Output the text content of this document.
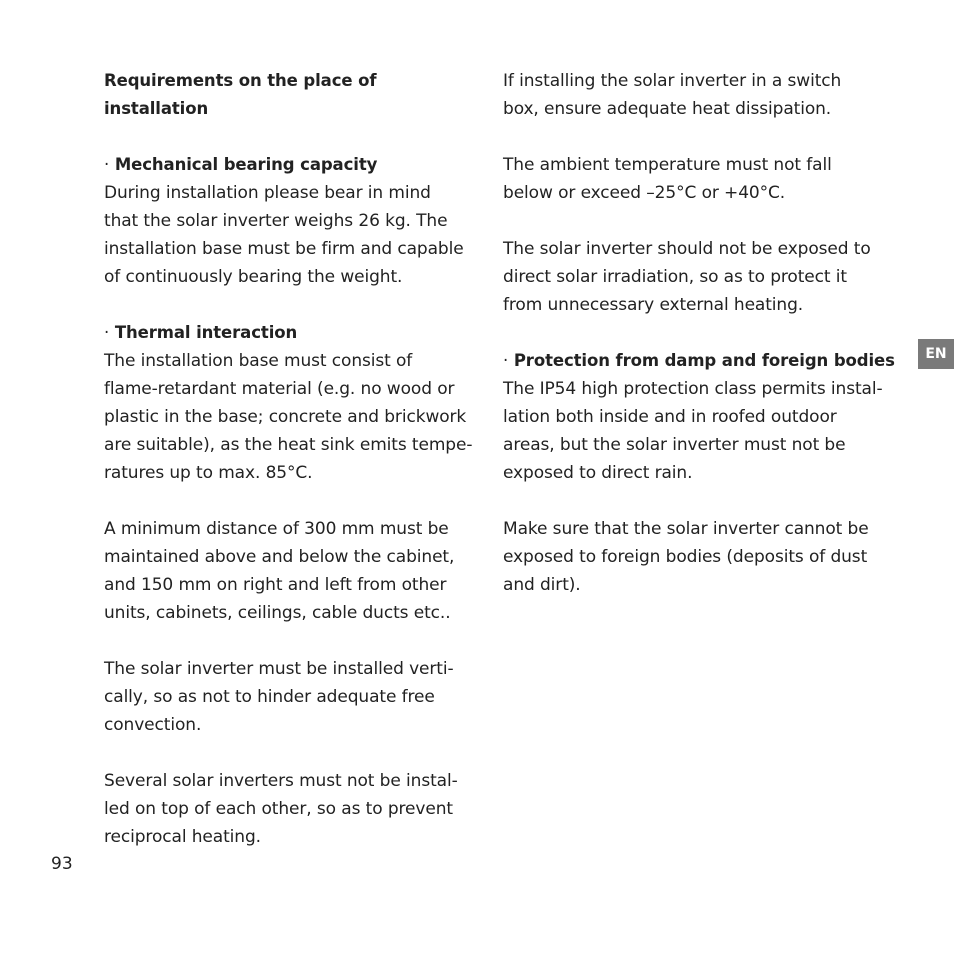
Requirements on the place of installation

· Mechanical bearing capacity

During installation please bear in mind
that the solar inverter weighs 26 kg. The
installation base must be firm and capable
of continuously bearing the weight.

· Thermal interaction

The installation base must consist of
flame-retardant material (e.g. no wood or
plastic in the base; concrete and brickwork
are suitable), as the heat sink emits tempe-
ratures up to max. 85°C.

A minimum distance of 300 mm must be
maintained above and below the cabinet,
and 150 mm on right and left from other
units, cabinets, ceilings, cable ducts etc..

The solar inverter must be installed verti-
cally, so as not to hinder adequate free
convection.

Several solar inverters must not be instal-
led on top of each other, so as to prevent
reciprocal heating.

If installing the solar inverter in a switch
box, ensure adequate heat dissipation.

The ambient temperature must not fall
below or exceed –25°C or +40°C.

The solar inverter should not be exposed to
direct solar irradiation, so as to protect it
from unnecessary external heating.

· Protection from damp and foreign bodies

The IP54 high protection class permits instal-
lation both inside and in roofed outdoor
areas, but the solar inverter must not be
exposed to direct rain.

Make sure that the solar inverter cannot be
exposed to foreign bodies (deposits of dust
and dirt).

EN
93
